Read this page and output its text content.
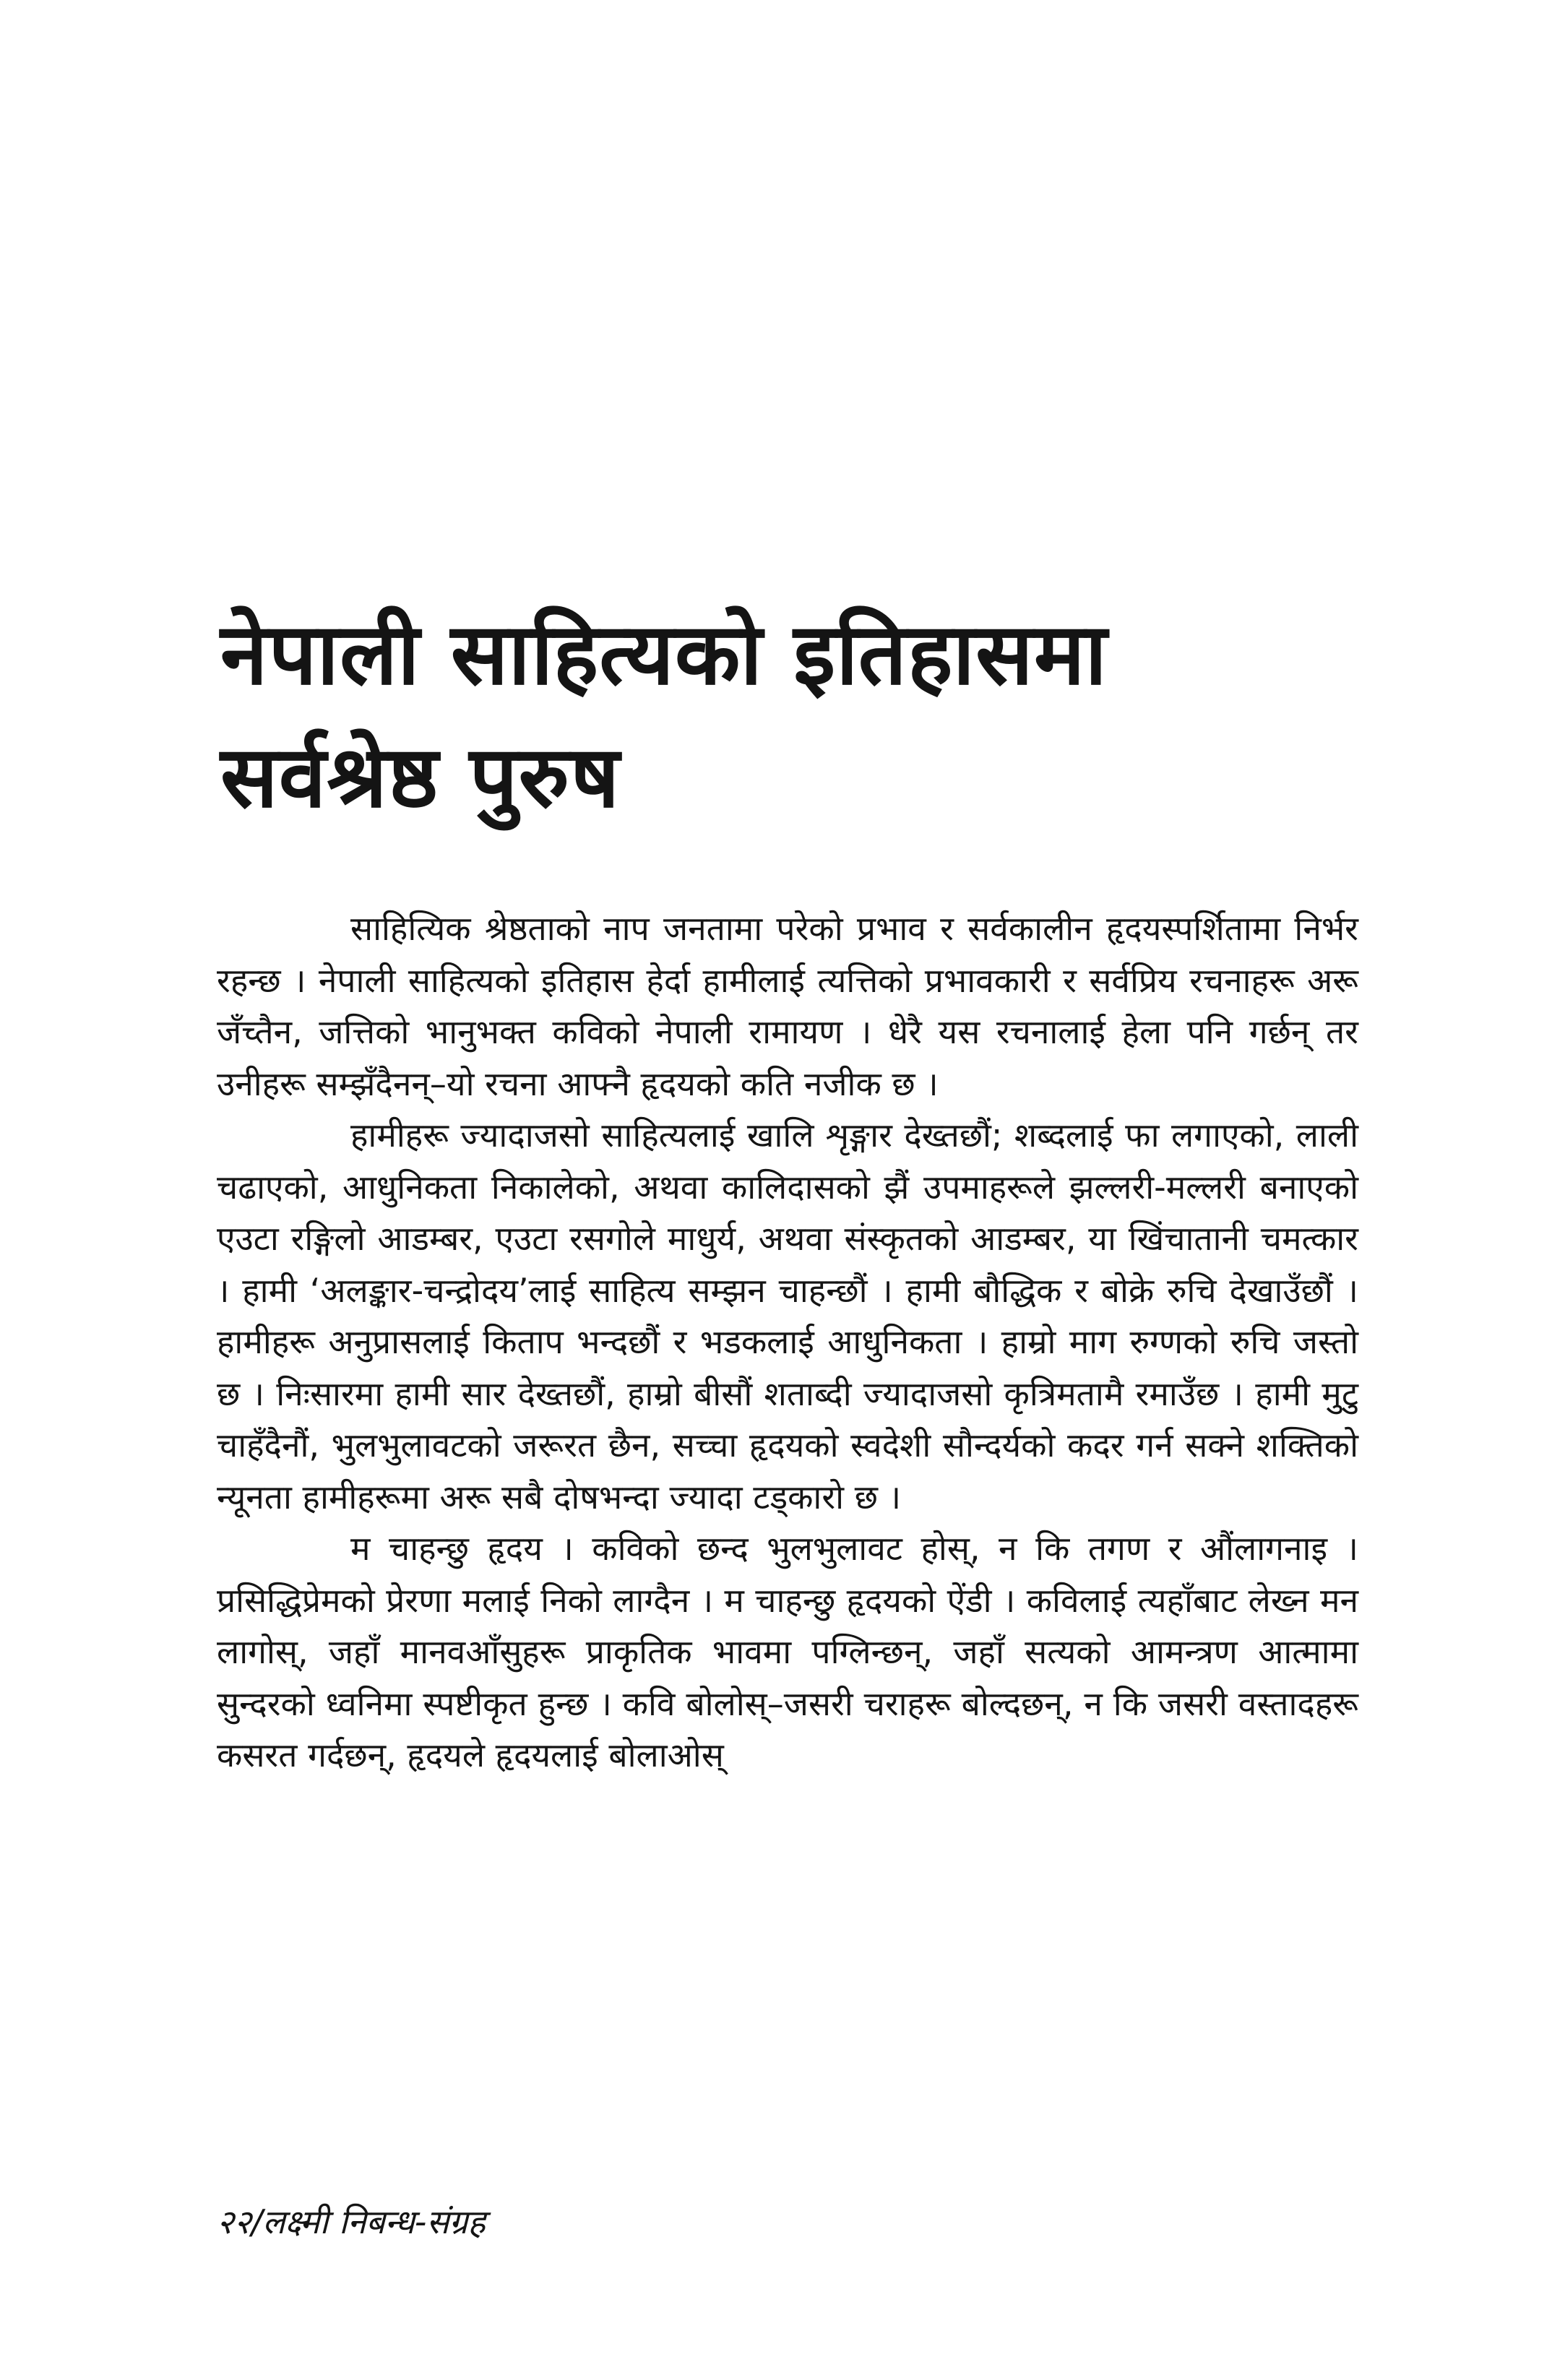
नेपाली साहित्यको इतिहासमा
सर्वश्रेष्ठ पुरुष

साहित्यिक श्रेष्ठताको नाप जनतामा परेको प्रभाव र सर्वकालीन हृदयस्पर्शितामा निर्भर रहन्छ । नेपाली साहित्यको इतिहास हेर्दा हामीलाई त्यत्तिको प्रभावकारी र सर्वप्रिय रचनाहरू अरू जँच्तैन, जत्तिको भानुभक्त कविको नेपाली रामायण । धेरै यस रचनालाई हेला पनि गर्छन् तर उनीहरू सम्झँदैनन्–यो रचना आफ्नै हृदयको कति नजीक छ ।

हामीहरू ज्यादाजसो साहित्यलाई खालि शृङ्गार देख्तछौं; शब्दलाई फा लगाएको, लाली चढाएको, आधुनिकता निकालेको, अथवा कालिदासको झैं उपमाहरूले झल्लरी-मल्लरी बनाएको एउटा रङ्गिलो आडम्बर, एउटा रसगोले माधुर्य, अथवा संस्कृतको आडम्बर, या खिंचातानी चमत्कार । हामी ‘अलङ्कार-चन्द्रोदय’लाई साहित्य सम्झन चाहन्छौं । हामी बौद्धिक र बोक्रे रुचि देखाउँछौं । हामीहरू अनुप्रासलाई किताप भन्दछौं र भडकलाई आधुनिकता । हाम्रो माग रुग्णको रुचि जस्तो छ । निःसारमा हामी सार देख्तछौं, हाम्रो बीसौं शताब्दी ज्यादाजसो कृत्रिमतामै रमाउँछ । हामी मुटु चाहँदैनौं, भुलभुलावटको जरूरत छैन, सच्चा हृदयको स्वदेशी सौन्दर्यको कदर गर्न सक्ने शक्तिको न्यूनता हामीहरूमा अरू सबै दोषभन्दा ज्यादा टड्कारो छ ।

म चाहन्छु हृदय । कविको छन्द भुलभुलावट होस्, न कि तगण र औंलागनाइ । प्रसिद्धिप्रेमको प्रेरणा मलाई निको लाग्दैन । म चाहन्छु हृदयको ऐंडी । कविलाई त्यहाँबाट लेख्न मन लागोस्, जहाँ मानवआँसुहरू प्राकृतिक भावमा पग्लिन्छन्, जहाँ सत्यको आमन्त्रण आत्मामा सुन्दरको ध्वनिमा स्पष्टीकृत हुन्छ । कवि बोलोस्–जसरी चराहरू बोल्दछन्, न कि जसरी वस्तादहरू कसरत गर्दछन्, हृदयले हृदयलाई बोलाओस्

२२/लक्ष्मी निबन्ध-संग्रह
